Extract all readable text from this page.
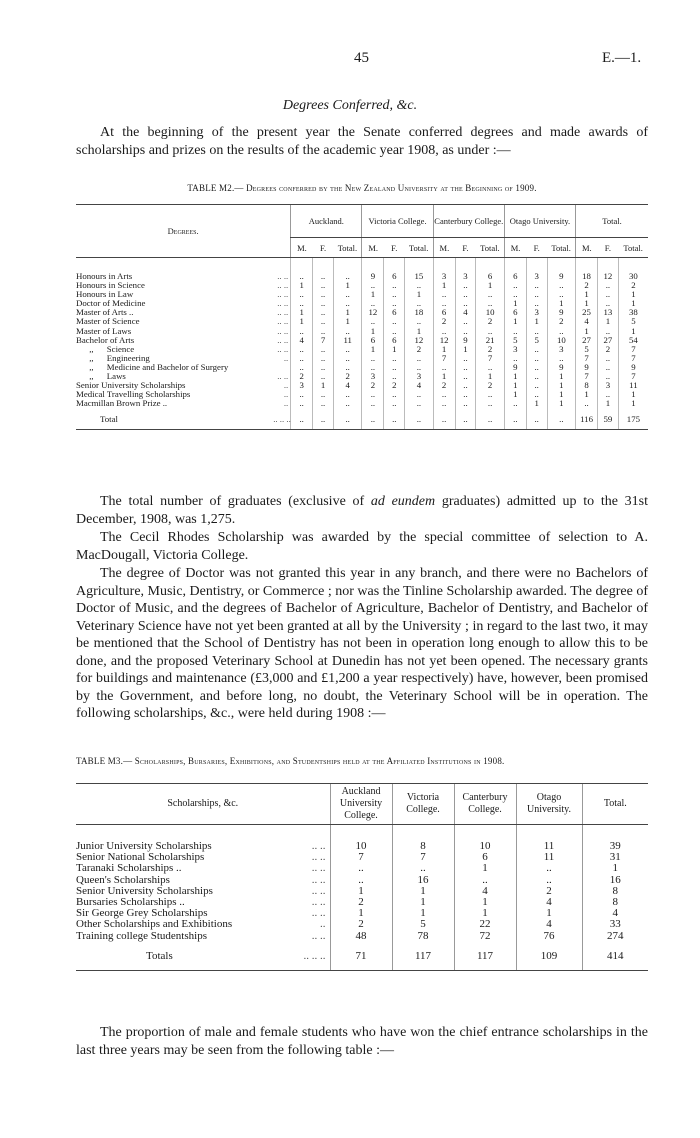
45	E.—1.
Degrees Conferred, &c.

At the beginning of the present year the Senate conferred degrees and made awards of scholarships and prizes on the results of the academic year 1908, as under :—

TABLE M2.— Degrees conferred by the New Zealand University at the Beginning of 1909.
Degrees.		Auckland.			Victoria College.			Canterbury College.			Otago University.			Total.		
		M.	F.	Total.	M.	F.	Total.	M.	F.	Total.	M.	F.	Total.	M.	F.	Total.
Honours in Arts	.. ..	..	..	..	9	6	15	3	3	6	6	3	9	18	12	30
Honours in Science	.. ..	1	..	1	..	..	..	1	..	1	..	..	..	2	..	2
Honours in Law	.. ..	..	..	..	1	..	1	..	..	..	..	..	..	1	..	1
Doctor of Medicine	.. ..	..	..	..	..	..	..	..	..	..	1	..	1	1	..	1
Master of Arts ..	.. ..	1	..	1	12	6	18	6	4	10	6	3	9	25	13	38
Master of Science	.. ..	1	..	1	..	..	..	2	..	2	1	1	2	4	1	5
Master of Laws	.. ..	..	..	..	1	..	1	..	..	..	..	..	..	1	..	1
Bachelor of Arts	.. ..	4	7	11	6	6	12	12	9	21	5	5	10	27	27	54
,,      Science	.. ..	..	..	..	1	1	2	1	1	2	3	..	3	5	2	7
,,      Engineering	..	..	..	..	..	..	..	7	..	7	..	..	..	7	..	7
,,      Medicine and Bachelor of Surgery		..	..	..	..	..	..	..	..	..	9	..	9	9	..	9
,,      Laws	.. ..	2	..	2	3	..	3	1	..	1	1	..	1	7	..	7
Senior University Scholarships	..	3	1	4	2	2	4	2	..	2	1	..	1	8	3	11
Medical Travelling Scholarships	..	..	..	..	..	..	..	..	..	..	1	..	1	1	..	1
Macmillan Brown Prize ..	..	..	..	..	..	..	..	..	..	..	..	1	1	..	1	1
Total	.. .. ..	..	..	..	..	..	..	..	..	..	..	..	..	116	59	175

The total number of graduates (exclusive of ad eundem graduates) admitted up to the 31st December, 1908, was 1,275.

The Cecil Rhodes Scholarship was awarded by the special committee of selection to A. MacDougall, Victoria College.

The degree of Doctor was not granted this year in any branch, and there were no Bachelors of Agriculture, Music, Dentistry, or Commerce ; nor was the Tinline Scholarship awarded. The degree of Doctor of Music, and the degrees of Bachelor of Agriculture, Bachelor of Dentistry, and Bachelor of Veterinary Science have not yet been granted at all by the University ; in regard to the last two, it may be mentioned that the School of Dentistry has not been in operation long enough to allow this to be done, and the proposed Veterinary School at Dunedin has not yet been opened. The necessary grants for buildings and maintenance (£3,000 and £1,200 a year respectively) have, however, been promised by the Government, and before long, no doubt, the Veterinary School will be in operation. The following scholarships, &c., were held during 1908 :—

TABLE M3.— Scholarships, Bursaries, Exhibitions, and Studentships held at the Affiliated Institutions in 1908.
Scholarships, &c.		Auckland University College.	Victoria College.	Canterbury College.	Otago University.	Total.
Junior University Scholarships	.. ..	10	8	10	11	39
Senior National Scholarships	.. ..	7	7	6	11	31
Taranaki Scholarships ..	.. ..	..	..	1	..	1
Queen's Scholarships	.. ..	..	16	..	..	16
Senior University Scholarships	.. ..	1	1	4	2	8
Bursaries Scholarships ..	.. ..	2	1	1	4	8
Sir George Grey Scholarships	.. ..	1	1	1	1	4
Other Scholarships and Exhibitions	..	2	5	22	4	33
Training college Studentships	.. ..	48	78	72	76	274
Totals	.. .. ..	71	117	117	109	414

The proportion of male and female students who have won the chief entrance scholarships in the last three years may be seen from the following table :—
